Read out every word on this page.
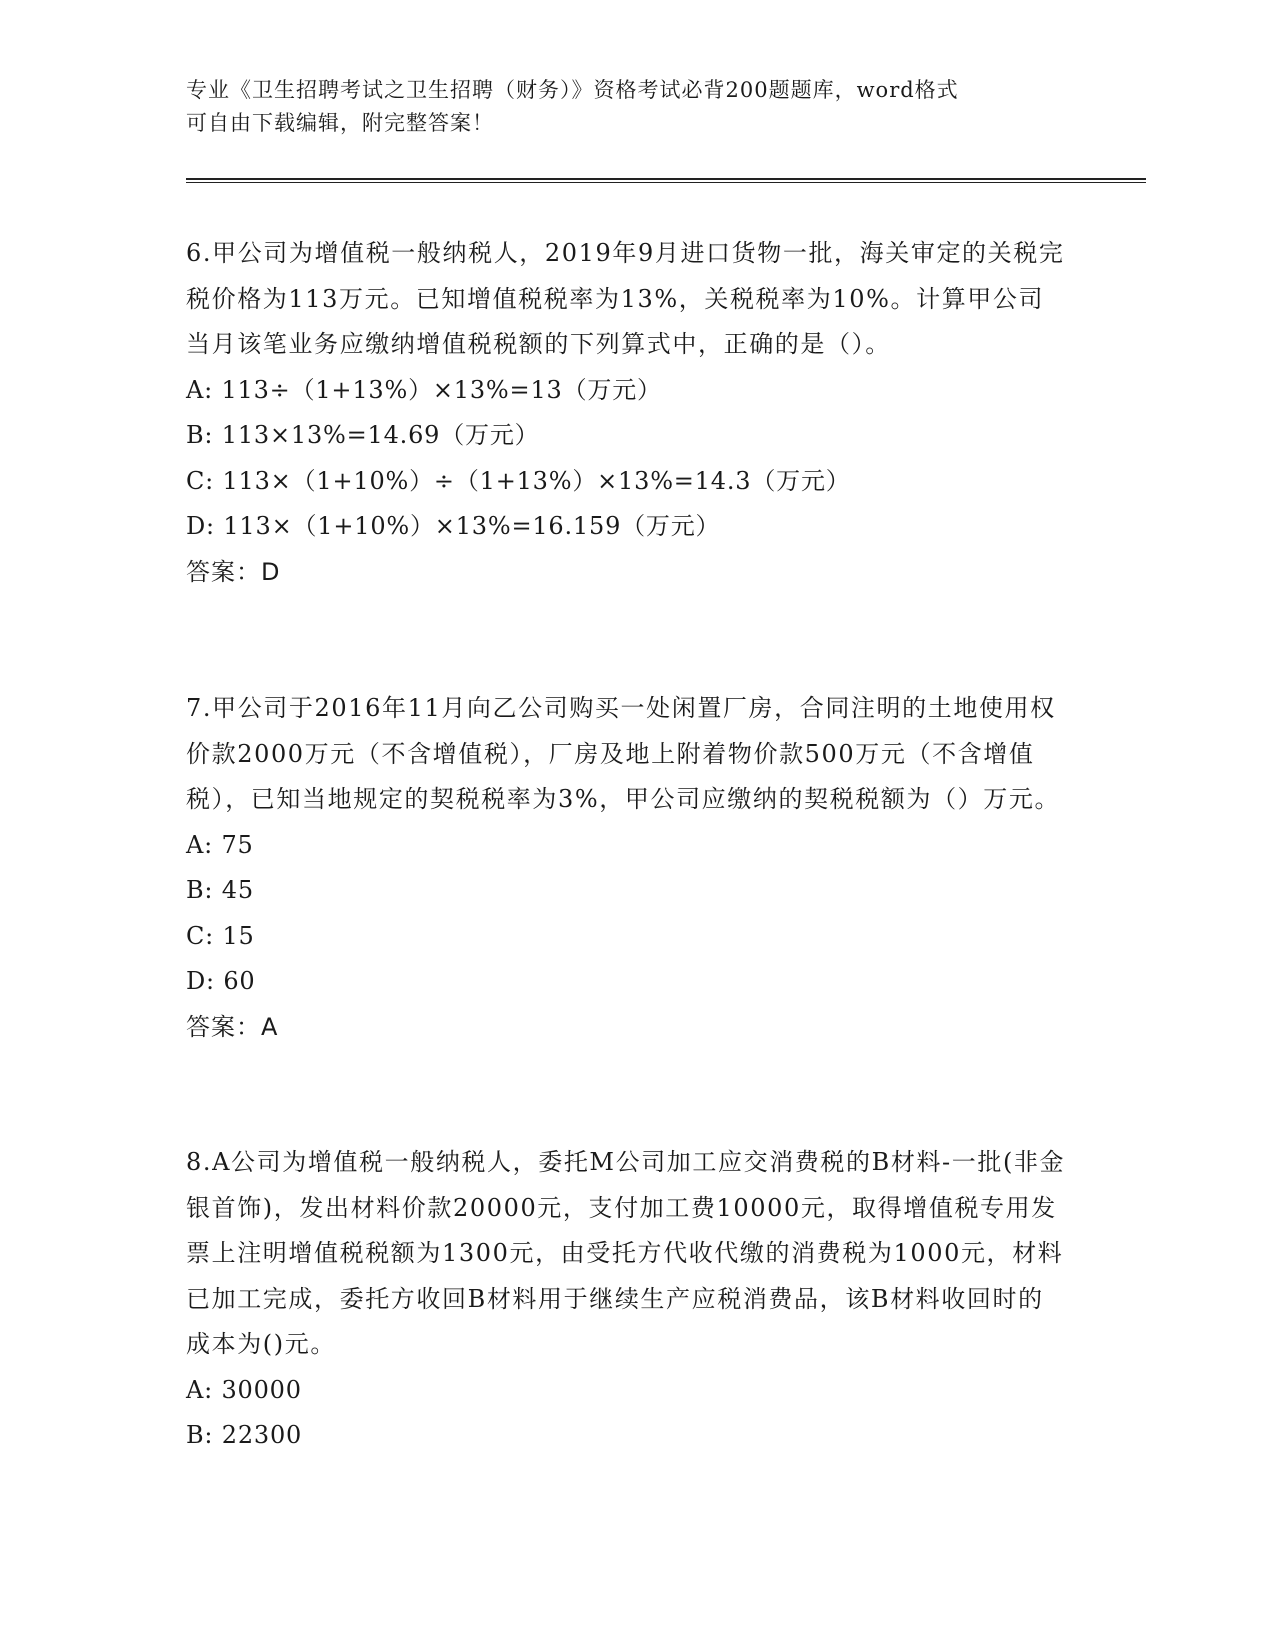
专业《卫生招聘考试之卫生招聘（财务）》资格考试必背200题题库，word格式
可自由下载编辑，附完整答案！

6.甲公司为增值税一般纳税人，2019年9月进口货物一批，海关审定的关税完税价格为113万元。已知增值税税率为13%，关税税率为10%。计算甲公司当月该笔业务应缴纳增值税税额的下列算式中，正确的是（）。

A: 113÷（1+13%）×13%=13（万元）

B: 113×13%=14.69（万元）

C: 113×（1+10%）÷（1+13%）×13%=14.3（万元）

D: 113×（1+10%）×13%=16.159（万元）

答案：D

7.甲公司于2016年11月向乙公司购买一处闲置厂房，合同注明的土地使用权价款2000万元（不含增值税），厂房及地上附着物价款500万元（不含增值税），已知当地规定的契税税率为3%，甲公司应缴纳的契税税额为（）万元。

A: 75

B: 45

C: 15

D: 60

答案：A

8.A公司为增值税一般纳税人，委托M公司加工应交消费税的B材料-一批(非金银首饰)，发出材料价款20000元，支付加工费10000元，取得增值税专用发票上注明增值税税额为1300元，由受托方代收代缴的消费税为1000元，材料已加工完成，委托方收回B材料用于继续生产应税消费品，该B材料收回时的成本为()元。

A: 30000

B: 22300
